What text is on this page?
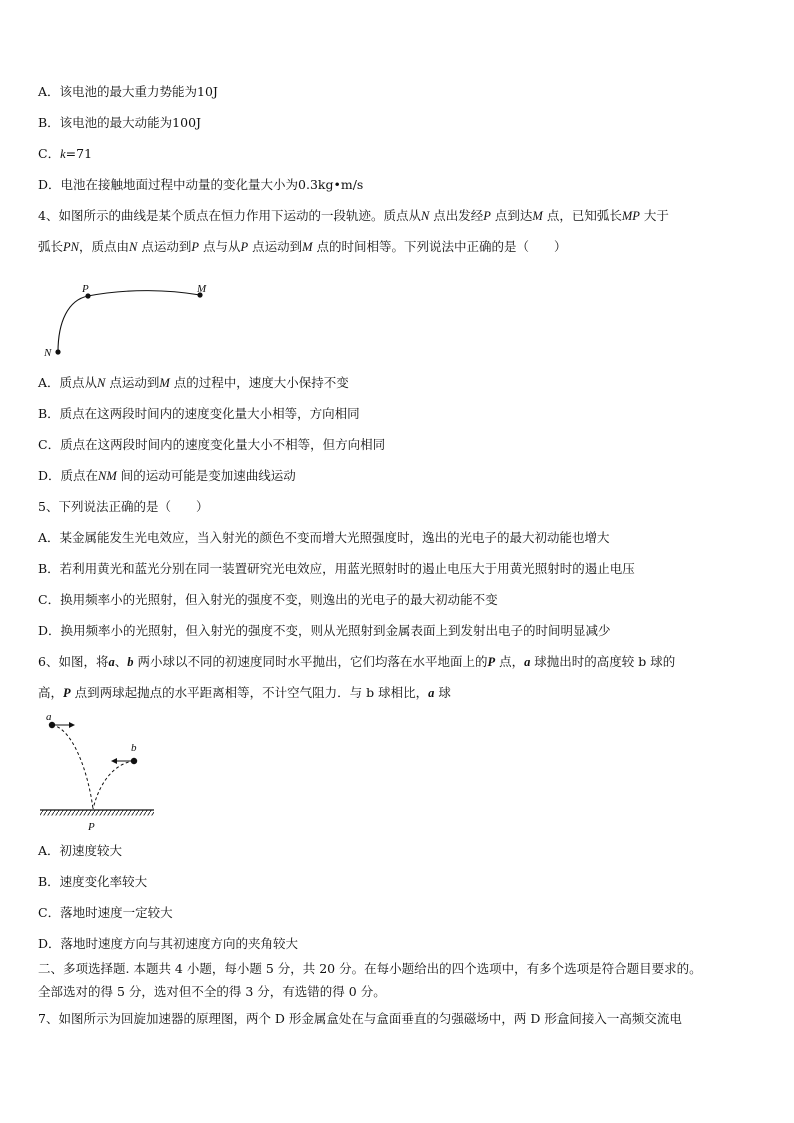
A．该电池的最大重力势能为10J
B．该电池的最大动能为100J
C．k=71
D．电池在接触地面过程中动量的变化量大小为0.3kg•m/s
4、如图所示的曲线是某个质点在恒力作用下运动的一段轨迹。质点从N 点出发经P 点到达M 点，已知弧长MP 大于
弧长PN，质点由N 点运动到P 点与从P 点运动到M 点的时间相等。下列说法中正确的是（　　）
P	M
N
A．质点从N 点运动到M 点的过程中，速度大小保持不变
B．质点在这两段时间内的速度变化量大小相等，方向相同
C．质点在这两段时间内的速度变化量大小不相等，但方向相同
D．质点在NM 间的运动可能是变加速曲线运动
5、下列说法正确的是（　　）
A．某金属能发生光电效应，当入射光的颜色不变而增大光照强度时，逸出的光电子的最大初动能也增大
B．若利用黄光和蓝光分别在同一装置研究光电效应，用蓝光照射时的遏止电压大于用黄光照射时的遏止电压
C．换用频率小的光照射，但入射光的强度不变，则逸出的光电子的最大初动能不变
D．换用频率小的光照射，但入射光的强度不变，则从光照射到金属表面上到发射出电子的时间明显减少
6、如图，将a、b 两小球以不同的初速度同时水平抛出，它们均落在水平地面上的P 点，a 球抛出时的高度较 b 球的
高，P 点到两球起抛点的水平距离相等，不计空气阻力．与 b 球相比，a 球
a
b
P
A．初速度较大
B．速度变化率较大
C．落地时速度一定较大
D．落地时速度方向与其初速度方向的夹角较大
二、多项选择题. 本题共 4 小题，每小题 5 分，共 20 分。在每小题给出的四个选项中，有多个选项是符合题目要求的。
全部选对的得 5 分，选对但不全的得 3 分，有选错的得 0 分。
7、如图所示为回旋加速器的原理图，两个 D 形金属盒处在与盒面垂直的匀强磁场中，两 D 形盒间接入一高频交流电
